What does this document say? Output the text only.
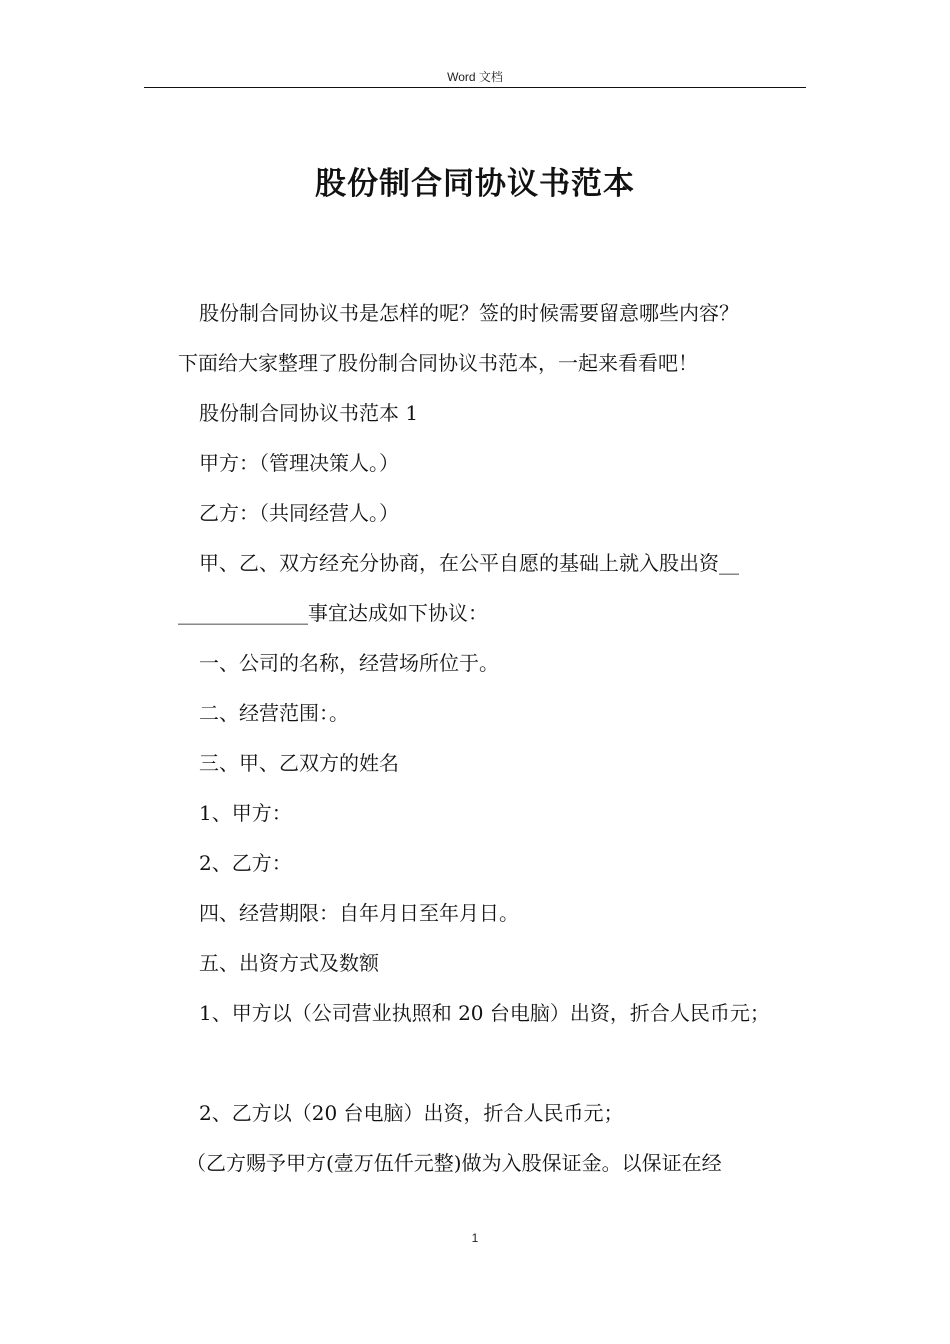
Word 文档
股份制合同协议书范本

股份制合同协议书是怎样的呢？签的时候需要留意哪些内容？

下面给大家整理了股份制合同协议书范本，一起来看看吧！

股份制合同协议书范本 1

甲方：（管理决策人。）

乙方：（共同经营人。）

甲、乙、双方经充分协商，在公平自愿的基础上就入股出资__

_____________事宜达成如下协议：

一、公司的名称，经营场所位于。

二、经营范围：。

三、甲、乙双方的姓名

1、甲方：

2、乙方：

四、经营期限：自年月日至年月日。

五、出资方式及数额

1、甲方以（公司营业执照和 20 台电脑）出资，折合人民币元；

2、乙方以（20 台电脑）出资，折合人民币元；

（乙方赐予甲方(壹万伍仟元整)做为入股保证金。以保证在经

1
